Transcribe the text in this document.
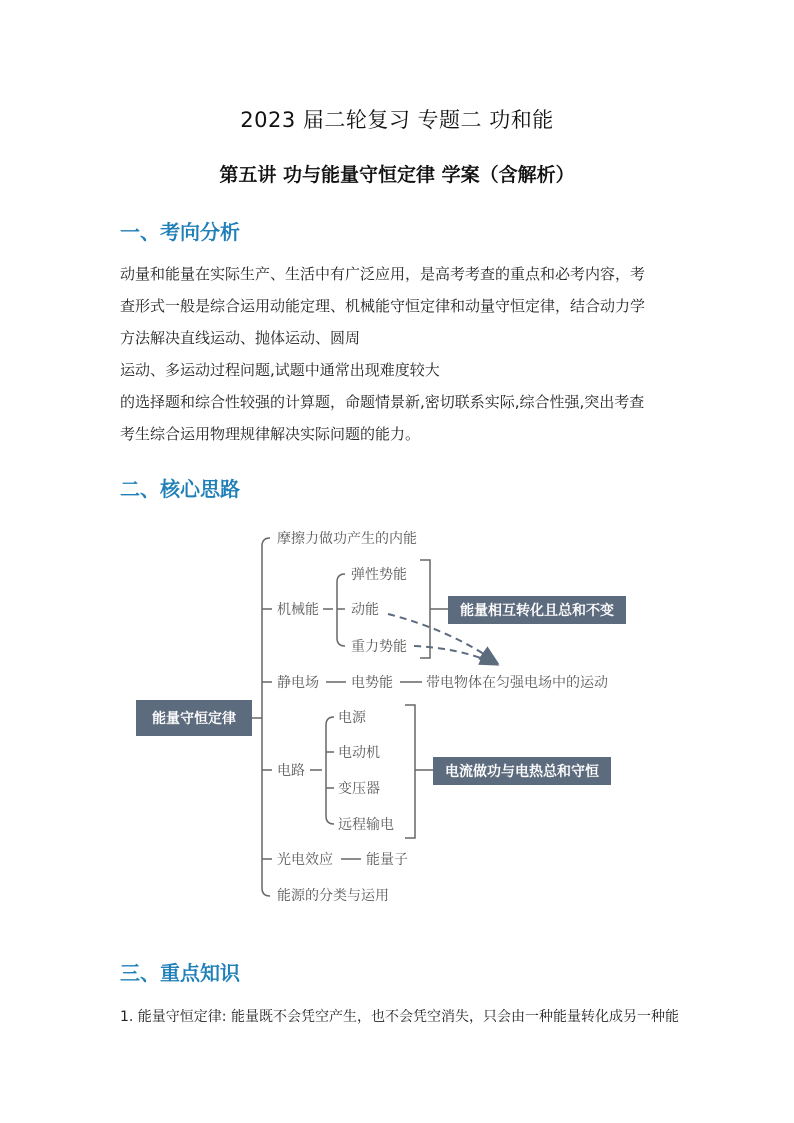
2023 届二轮复习 专题二 功和能
第五讲 功与能量守恒定律 学案（含解析）
一、考向分析
动量和能量在实际生产、生活中有广泛应用，是高考考查的重点和必考内容，考
查形式一般是综合运用动能定理、机械能守恒定律和动量守恒定律，结合动力学
方法解决直线运动、抛体运动、圆周
运动、多运动过程问题,试题中通常出现难度较大
的选择题和综合性较强的计算题，命题情景新,密切联系实际,综合性强,突出考查
考生综合运用物理规律解决实际问题的能力。
二、核心思路
能量守恒定律
摩擦力做功产生的内能
机械能
静电场
电路
光电效应
能源的分类与运用
弹性势能
动能
重力势能
能量相互转化且总和不变
电势能 带电物体在匀强电场中的运动
电源
电动机
变压器
远程输电
电流做功与电热总和守恒
能量子
三、重点知识
1. 能量守恒定律: 能量既不会凭空产生，也不会凭空消失，只会由一种能量转化成另一种能
